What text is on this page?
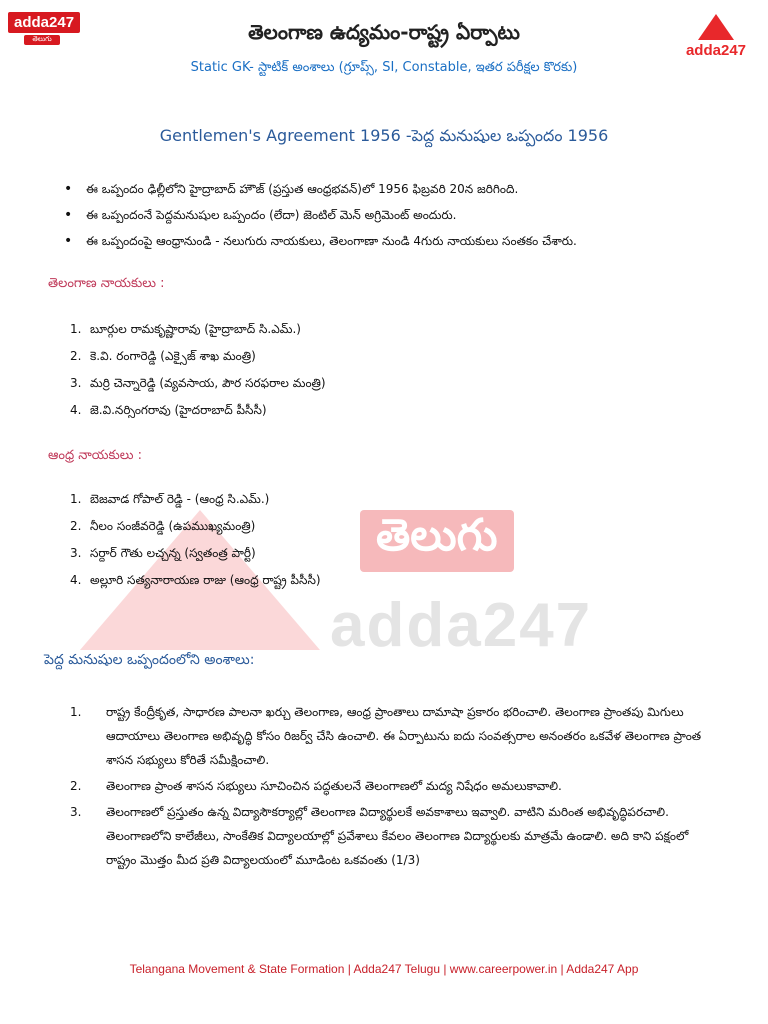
adda247
తెలుగు
adda247
తెలంగాణ ఉద్యమం-రాష్ట్ర ఏర్పాటు
Static GK- స్టాటిక్ అంశాలు (గ్రూప్స్, SI, Constable, ఇతర పరీక్షల కొరకు)
తెలుగు
adda247
Gentlemen's Agreement 1956 -పెద్ద మనుషుల ఒప్పందం 1956
• ఈ ఒప్పందం ఢిల్లీలోని హైద్రాబాద్ హౌజ్ (ప్రస్తుత ఆంధ్రభవన్)లో 1956 ఫిబ్రవరి 20న జరిగింది.
• ఈ ఒప్పందంనే పెద్దమనుషుల ఒప్పందం (లేదా) జెంటిల్ మెన్ అగ్రిమెంట్ అందురు.
• ఈ ఒప్పందంపై ఆంధ్రానుండి - నలుగురు నాయకులు, తెలంగాణా నుండి 4గురు నాయకులు సంతకం చేశారు.
తెలంగాణ నాయకులు :
1. బూర్గుల రామకృష్ణారావు (హైద్రాబాద్ సి.ఎమ్.)
2. కె.వి. రంగారెడ్డి (ఎక్సైజ్ శాఖ మంత్రి)
3. మర్రి చెన్నారెడ్డి (వ్యవసాయ, పౌర సరఫరాల మంత్రి)
4. జె.వి.నర్సింగరావు (హైదరాబాద్ పీసీసీ)
ఆంధ్ర నాయకులు :
1. బెజవాడ గోపాల్ రెడ్డి - (ఆంధ్ర సి.ఎమ్.)
2. నీలం సంజీవరెడ్డి (ఉపముఖ్యమంత్రి)
3. సర్దార్ గౌతు లచ్చన్న (స్వతంత్ర పార్టీ)
4. అల్లూరి సత్యనారాయణ రాజు (ఆంధ్ర రాష్ట్ర పీసీసీ)
పెద్ద మనుషుల ఒప్పందంలోని అంశాలు:
1. రాష్ట్ర కేంద్రీకృత, సాధారణ పాలనా ఖర్చు తెలంగాణ, ఆంధ్ర ప్రాంతాలు దామాషా ప్రకారం భరించాలి. తెలంగాణ ప్రాంతపు మిగులు ఆదాయాలు తెలంగాణ అభివృద్ధి కోసం రిజర్వ్ చేసి ఉంచాలి. ఈ ఏర్పాటును ఐదు సంవత్సరాల అనంతరం ఒకవేళ తెలంగాణ ప్రాంత శాసన సభ్యులు కోరితే సమీక్షించాలి.
2. తెలంగాణ ప్రాంత శాసన సభ్యులు సూచించిన పద్ధతులనే తెలంగాణలో మద్య నిషేధం అమలుకావాలి.
3. తెలంగాణలో ప్రస్తుతం ఉన్న విద్యాసౌకర్యాల్లో తెలంగాణ విద్యార్థులకే అవకాశాలు ఇవ్వాలి. వాటిని మరింత అభివృద్ధిపరచాలి. తెలంగాణలోని కాలేజీలు, సాంకేతిక విద్యాలయాల్లో ప్రవేశాలు కేవలం తెలంగాణ విద్యార్థులకు మాత్రమే ఉండాలి. అది కాని పక్షంలో రాష్ట్రం మొత్తం మీద ప్రతి విద్యాలయంలో మూడింట ఒకవంతు (1/3)
Telangana Movement & State Formation | Adda247 Telugu | www.careerpower.in | Adda247 App
